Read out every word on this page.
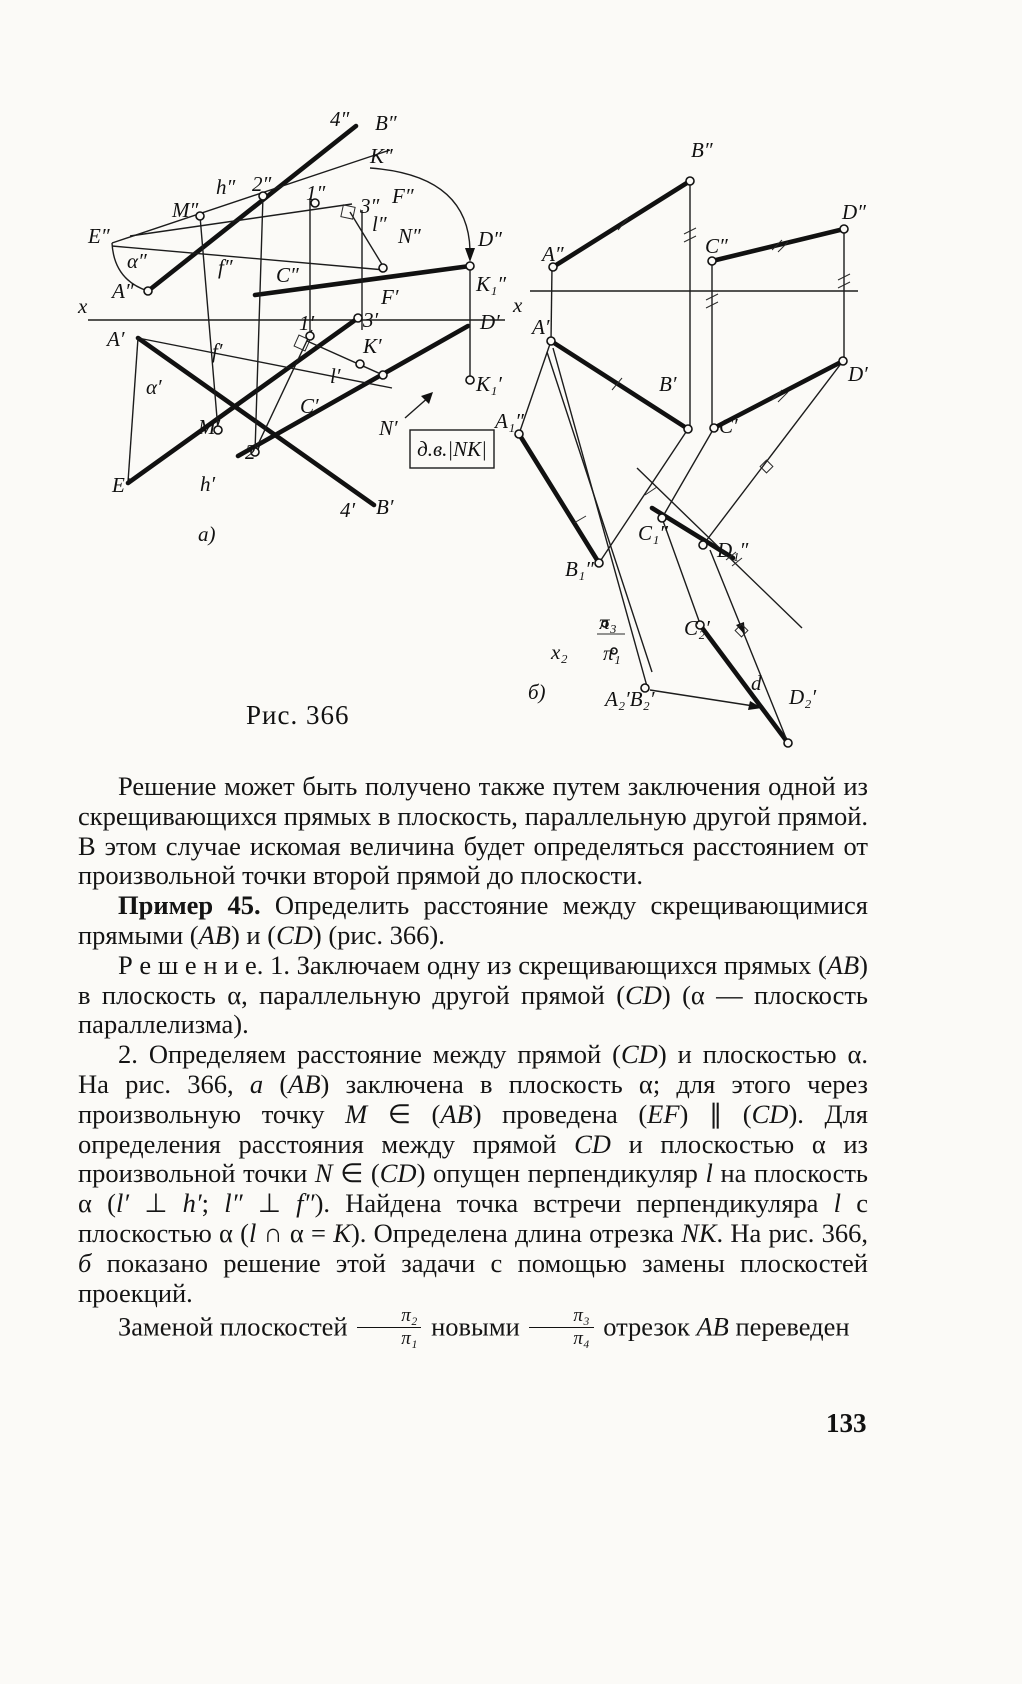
д.в.|NK|
4″ B″
K″
M″
h″ 2″ 1″
3″
l″
F″
E″
α″	f″
N″
A″
C″
D″
K₁″
x	x
F′
1′ 3′
A′	K′
D′
f′
α′	l′
C′
K₁′
M′	N′
2′
h′
4′ B′
E′
а)
B″
D″
C″
A″
A′
B′	D′
C′
A₁″
C₁″
D₁″
B₁″
π₃
π₁
x₂
C₂′
d
A₂′B₂′	D₂′
б)
Рис. 366

Решение может быть получено также путем заключения одной из скрещивающихся прямых в плоскость, параллельную другой прямой. В этом случае искомая величина будет определяться расстоянием от произвольной точки второй прямой до плоскости.

Пример 45. Определить расстояние между скрещивающимися прямыми (AB) и (CD) (рис. 366).

Р е ш е н и е. 1. Заключаем одну из скрещивающихся прямых (AB) в плоскость α, параллельную другой прямой (CD) (α — плоскость параллелизма).

2. Определяем расстояние между прямой (CD) и плоскостью α. На рис. 366, а (AB) заключена в плоскость α; для этого через произвольную точку M ∈ (AB) проведена (EF) ∥ (CD). Для определения расстояния между прямой CD и плоскостью α из произвольной точки N ∈ (CD) опущен перпендикуляр l на плоскость α (l′ ⊥ h′; l″ ⊥ f″). Найдена точка встречи перпендикуляра l с плоскостью α (l ∩ α = K). Определена длина отрезка NK. На рис. 366, б показано решение этой задачи с помощью замены плоскостей проекций.

Заменой плоскостей $\frac{\text{π₂}}{\text{π₁}}$ новыми $\frac{\text{π₃}}{\text{π₄}}$ отрезок AB переведен

133
